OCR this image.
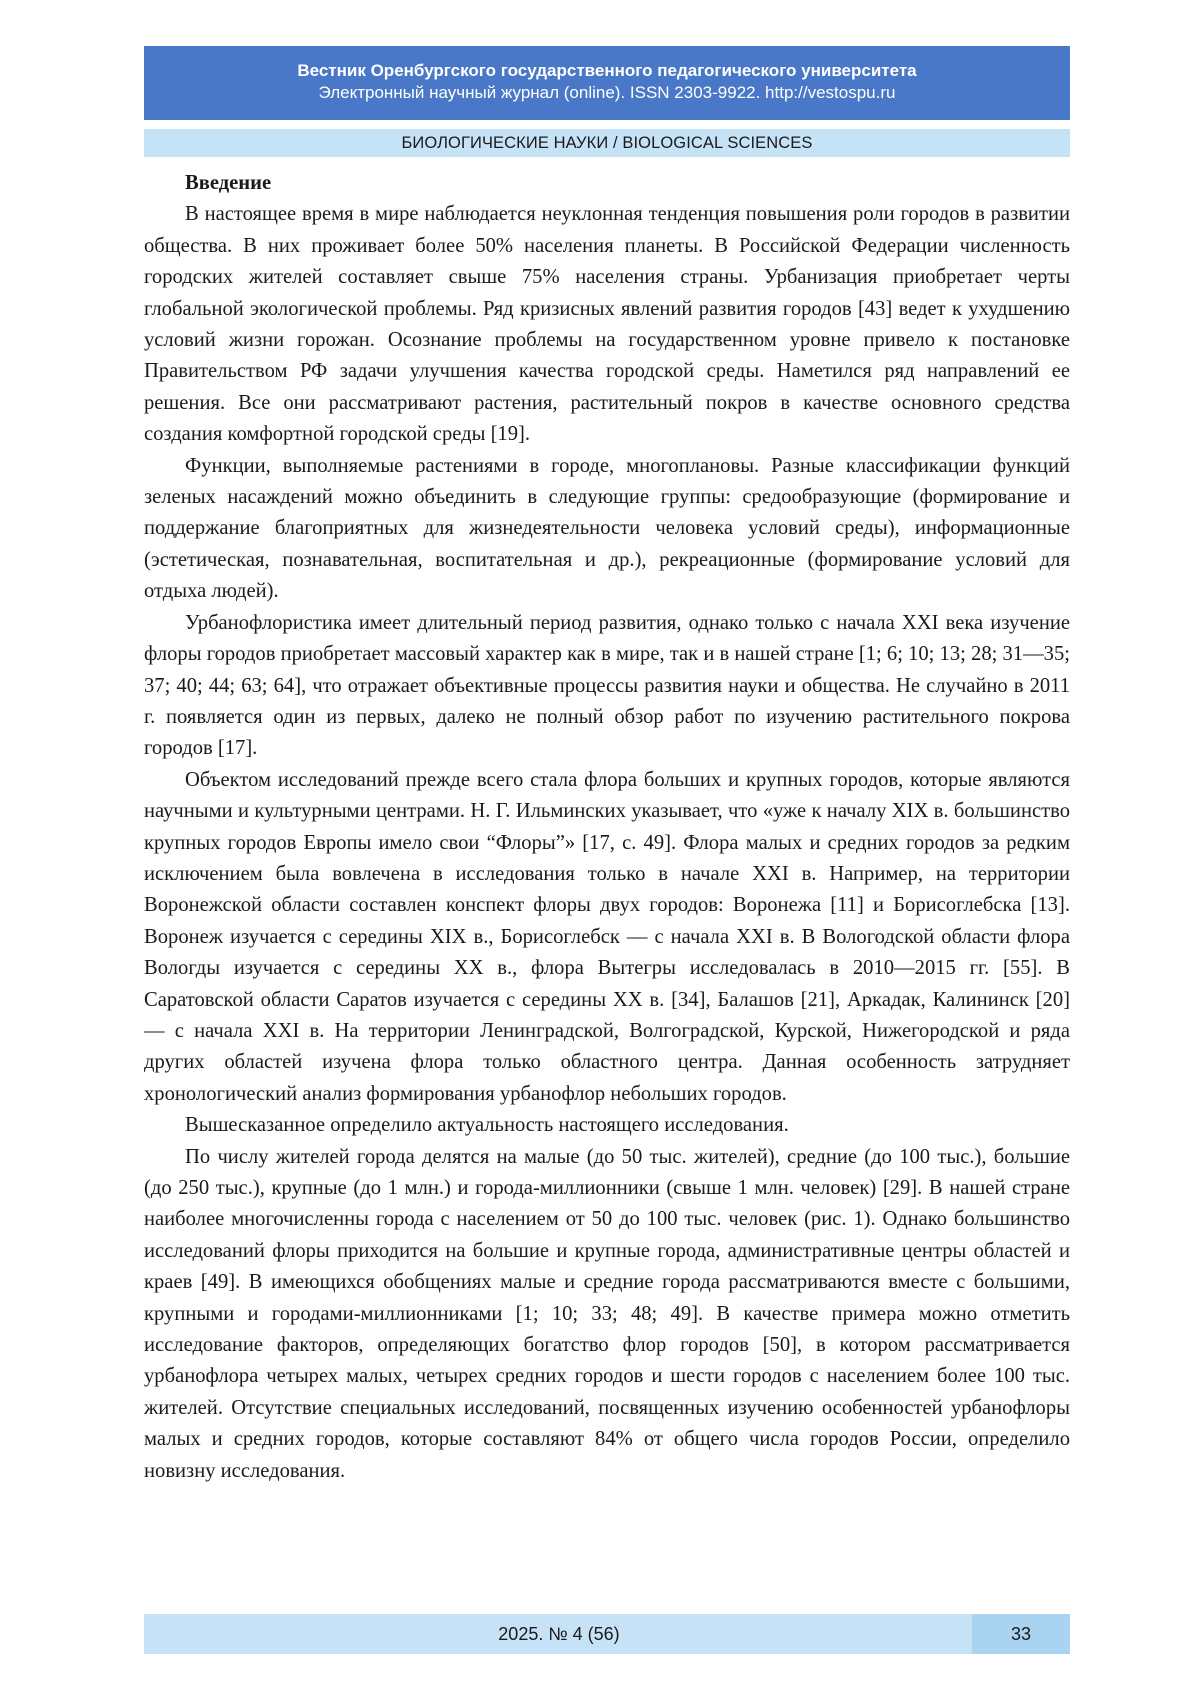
Вестник Оренбургского государственного педагогического университета
Электронный научный журнал (online). ISSN 2303-9922. http://vestospu.ru
БИОЛОГИЧЕСКИЕ НАУКИ / BIOLOGICAL SCIENCES
Введение

В настоящее время в мире наблюдается неуклонная тенденция повышения роли городов в развитии общества. В них проживает более 50% населения планеты. В Российской Федерации численность городских жителей составляет свыше 75% населения страны. Урбанизация приобретает черты глобальной экологической проблемы. Ряд кризисных явлений развития городов [43] ведет к ухудшению условий жизни горожан. Осознание проблемы на государственном уровне привело к постановке Правительством РФ задачи улучшения качества городской среды. Наметился ряд направлений ее решения. Все они рассматривают растения, растительный покров в качестве основного средства создания комфортной городской среды [19].

Функции, выполняемые растениями в городе, многоплановы. Разные классификации функций зеленых насаждений можно объединить в следующие группы: средообразующие (формирование и поддержание благоприятных для жизнедеятельности человека условий среды), информационные (эстетическая, познавательная, воспитательная и др.), рекреационные (формирование условий для отдыха людей).

Урбанофлористика имеет длительный период развития, однако только с начала XXI века изучение флоры городов приобретает массовый характер как в мире, так и в нашей стране [1; 6; 10; 13; 28; 31—35; 37; 40; 44; 63; 64], что отражает объективные процессы развития науки и общества. Не случайно в 2011 г. появляется один из первых, далеко не полный обзор работ по изучению растительного покрова городов [17].

Объектом исследований прежде всего стала флора больших и крупных городов, которые являются научными и культурными центрами. Н. Г. Ильминских указывает, что «уже к началу XIX в. большинство крупных городов Европы имело свои “Флоры”» [17, с. 49]. Флора малых и средних городов за редким исключением была вовлечена в исследования только в начале XXI в. Например, на территории Воронежской области составлен конспект флоры двух городов: Воронежа [11] и Борисоглебска [13]. Воронеж изучается с середины XIX в., Борисоглебск — с начала XXI в. В Вологодской области флора Вологды изучается с середины XX в., флора Вытегры исследовалась в 2010—2015 гг. [55]. В Саратовской области Саратов изучается с середины XX в. [34], Балашов [21], Аркадак, Калининск [20] — с начала XXI в. На территории Ленинградской, Волгоградской, Курской, Нижегородской и ряда других областей изучена флора только областного центра. Данная особенность затрудняет хронологический анализ формирования урбанофлор небольших городов.

Вышесказанное определило актуальность настоящего исследования.

По числу жителей города делятся на малые (до 50 тыс. жителей), средние (до 100 тыс.), большие (до 250 тыс.), крупные (до 1 млн.) и города-миллионники (свыше 1 млн. человек) [29]. В нашей стране наиболее многочисленны города с населением от 50 до 100 тыс. человек (рис. 1). Однако большинство исследований флоры приходится на большие и крупные города, административные центры областей и краев [49]. В имеющихся обобщениях малые и средние города рассматриваются вместе с большими, крупными и городами-миллионниками [1; 10; 33; 48; 49]. В качестве примера можно отметить исследование факторов, определяющих богатство флор городов [50], в котором рассматривается урбанофлора четырех малых, четырех средних городов и шести городов с населением более 100 тыс. жителей. Отсутствие специальных исследований, посвященных изучению особенностей урбанофлоры малых и средних городов, которые составляют 84% от общего числа городов России, определило новизну исследования.

2025. № 4 (56)	33
